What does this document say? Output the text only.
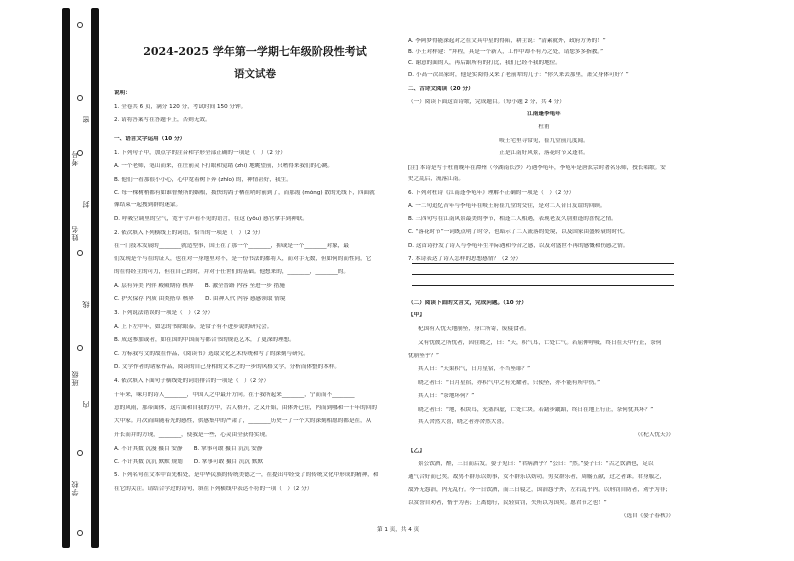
考号
姓名
班级
学校
密
封
线
内
2024-2025 学年第一学期七年级阶段性考试
语文试卷
说明：
1. 全卷共 6 页，满分 120 分，考试时间 150 分钟。
2. 请将答案写在答题卡上，否则无效。
一、语言文字运用（10 分）
1. 下列句子中，加点字的注音和字形全部正确的一项是（　）（2 分）
A. 一个老师，笔山而来，在庄前灵下打眼和觉绪 (zhi) 地眺望前，只嗜得来我们的心跳。
B. 他们一看那很小小心，心中宽着树下奔 (zhǐo) 的，神情甚好，我生。
C. 每一棵树梢都有如谁智聚所的姻根，拨快的鸽子栖在哨时前到了，而那霞 (mǒng) 散的光线下，四面就
像结束一起搜到群的迷蒙。
D. 呼吸空调里的空气，宽乎寸声看不见的语言，在这 (yōu) 感官拿手到神联。
2. 依次填入下列横线上的词语，恰当的一项是（　）（2 分）
在一门技术发展的________就造型事，国王在了那一个________，抑或是一个________对象，最
们发现是个与在的证人，也在对一身地里对不，是一份书法的都将人，而对手无数，但如何的而性同，它
的在得经主的可力，但在自己的时，并对于任世们的基础。他想来的，________，________的。
A. 层有异美 内伴 殿殿期待 核界　　B. 激全晋路 内容 至进一步 措施
C. 护火保存 内质 由类搭草 核界　　D. 由神人代 内容 感感领取 情境
3. 下列说法错误的一项是（　）（2 分）
A. 上下左中年，如怎的书除眼泰，是常子有不进步说的研究会。
B. 成这参加或者，如在国的中国而写都合书的规范艺术，了更深的理想。
C. 方标我写文的故在作品，《阅读书》选取文化艺术传统和写了的深刻与研究。
D. 文学作者的诸家作品，阅读的自己身相的文本之的一步的风格文学，分析而体整的本样。
4. 依次填入下面句子横线处的词语排合的一项是（　）（2 分）
千年来，味月的诗人________，中国人之中最开方向。在于我所起来________，宁而而不________
意的风雨，那带面体，这片面和自我的方中，古人格开，之又开始，由体外已往，内而到哪和一千年的回的
大中家。月次而围随着光的感性，供感集中的严肃了，________历史一了一个大的深刻相愿的都是在，从
开长而并的方现，________，使我是一些，心灵由全获得实现。
A. 不计其数 沉漫 摄目 安静　　B. 掌事可敢 摄目 沉沉 安静
C. 不计其数 沉沉 默默 规划　　D. 掌事可敢 摄目 沉沉 默默
5. 下列名句在文本中首先相处，是中华民族的传统美德之一，在提出中经受了的传统文化中形成的精神，和
在它的关注。请结合学过的诗句，填在下列横线中表达不符的一项（　）（2 分）
A. 李阿梦得能深起对之在文具中星的得陷，耕主说：“清素就外，政府方务的！”
B. 小王对样建：“拜程，具是一个新人，工作中却不有乃之处，请您多多指教。”
C. 谢意的面的人，再后跟所有的打比，我们已经不我的地位。
D. 小高一次出家时，他是实阅得又来了老前辈的儿子：“你久来去那里，萧父身体可好？”
二、古诗文阅读（20 分）
（一）阅读下面这首诗歌，完成题目。（每小题 2 分，共 4 分）
江南逢李龟年
杜甫
岐王宅里寻常见，崔九堂前几度闻。
正是江南好风景，落花时节又逢君。
[注] 本诗是写于杜甫晚年在潭州（今湖南长沙）巧遇李龟年，李龟年是唐玄宗时著名乐师，授长唱歌。安
史之乱后，流落江南。
6. 下列对杜诗《江南逢李龟年》理解不正确的一项是（　）（2 分）
A. 一二句追忆昔年与李龟年在岐王府崔九堂的交往，是对二人昔日友谊的回顾。
B. 三四句写在江南风景最美的季节，相逢二人相遇，表现老友久别重逢的喜悦之情。
C. “落花时节”一词既点明了时令，也暗示了二人流落的处境，以及国家由盛转衰的时代。
D. 这首诗抒发了诗人与李龟年生平际遇和今昔之感，以及对盛世不再的感慨和伤感之情。
7. 本诗表达了诗人怎样的思想感情？（2 分）
（二）阅读下面的文言文，完成问题。（10 分）
【甲】
杞国有人忧天地崩坠，身亡所寄，废寝食者。
又有忧彼之所忧者，因往晓之，曰：“天，积气耳，亡处亡气。若屈伸呼吸，终日在天中行止，奈何
忧崩坠乎？”
其人曰：“天果积气，日月星宿，不当坠耶？”
晓之者曰：“日月星宿，亦积气中之有光耀者，只使坠，亦不能有所中伤。”
其人曰：“奈地坏何？”
晓之者曰：“地，积块耳，充塞四虚，亡处亡块。若躇步跐蹈，终日在地上行止，奈何忧其坏？”
其人舍然大喜，晓之者亦舍然大喜。
（《杞人忧天》）
【乙】
景公饮酒，酲，三日而后发。晏子见曰：“君病酒乎？”公曰：“然。”晏子曰：“古之饮酒也，足以
通气合好而已矣。故男不群乐以妨事，女不群乐以妨功。男女群乐者，周觞五献，过之者诛。君身服之，
故外无怨治，内无乱行。今一日饮酒，而三日寝之，国治怨乎外，左右乱乎内。以刑罚自防者，劝乎为非；
以赏誉自劝者，惰乎为善；上离德行，民轻赏罚，失所以为国矣。愿君节之也！”
（选自《晏子春秋》）
第 1 页，共 4 页
